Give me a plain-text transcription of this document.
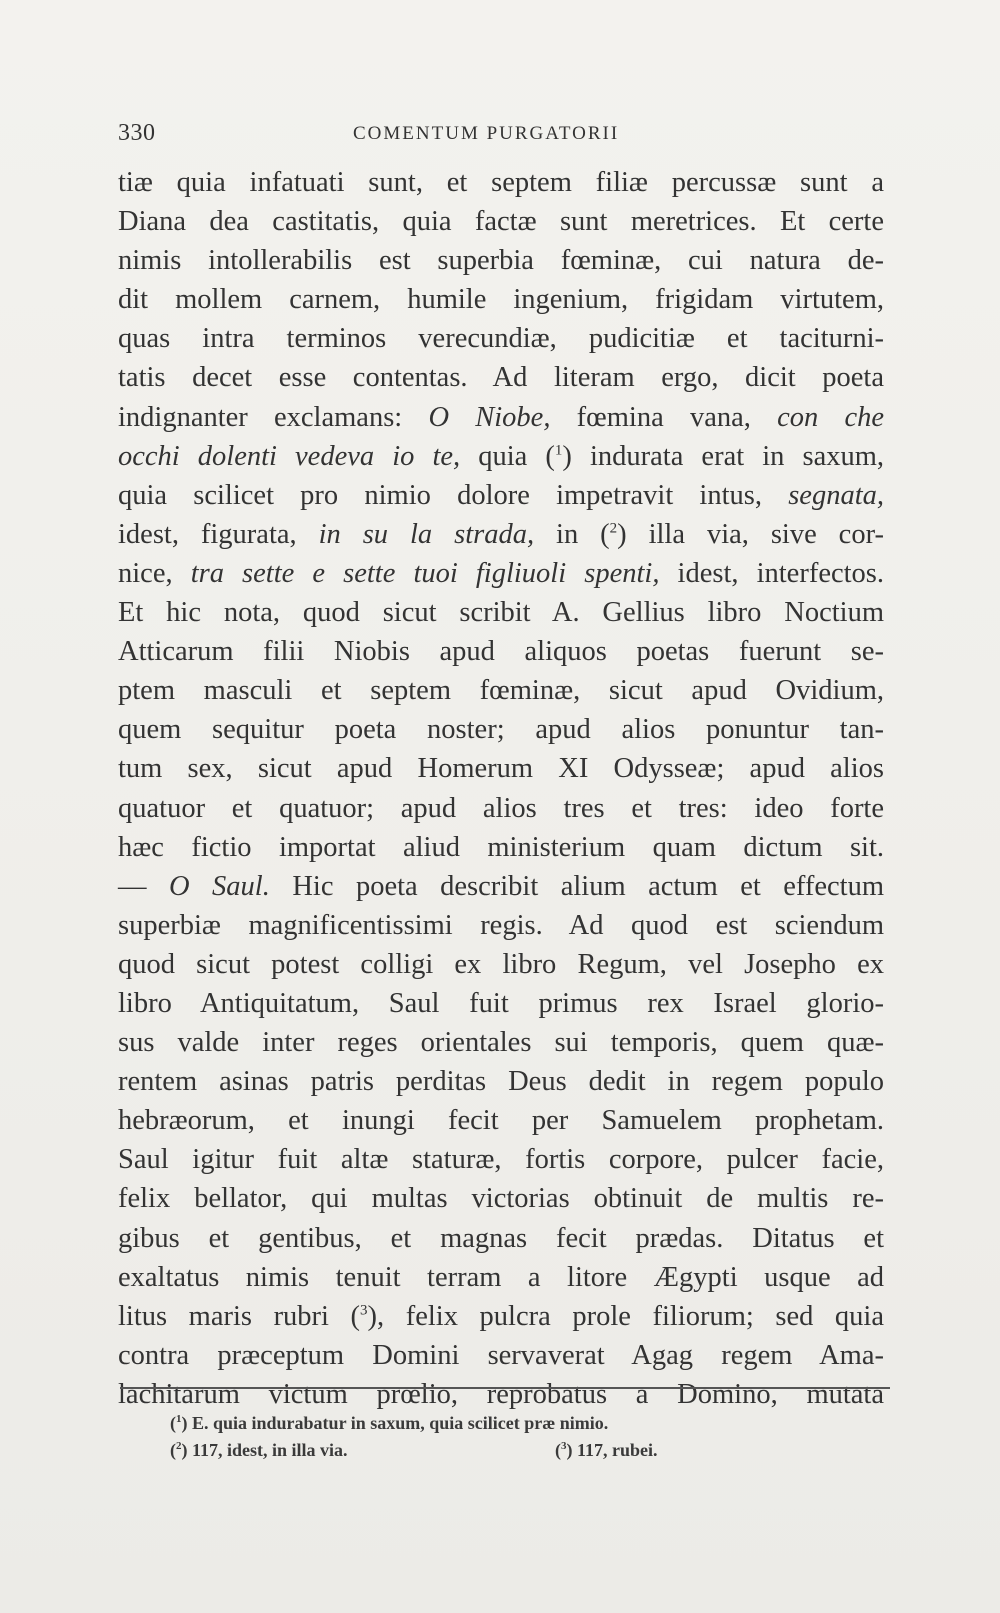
330	COMENTUM PURGATORII
tiæ quia infatuati sunt, et septem filiæ percussæ sunt a
Diana dea castitatis, quia factæ sunt meretrices. Et certe
nimis intollerabilis est superbia fœminæ, cui natura de-
dit mollem carnem, humile ingenium, frigidam virtutem,
quas intra terminos verecundiæ, pudicitiæ et taciturni-
tatis decet esse contentas. Ad literam ergo, dicit poeta
indignanter exclamans: O Niobe, fœmina vana, con che
occhi dolenti vedeva io te, quia ($^1$) indurata erat in saxum,
quia scilicet pro nimio dolore impetravit intus, segnata,
idest, figurata, in su la strada, in ($^2$) illa via, sive cor-
nice, tra sette e sette tuoi figliuoli spenti, idest, interfectos.
Et hic nota, quod sicut scribit A. Gellius libro Noctium
Atticarum filii Niobis apud aliquos poetas fuerunt se-
ptem masculi et septem fœminæ, sicut apud Ovidium,
quem sequitur poeta noster; apud alios ponuntur tan-
tum sex, sicut apud Homerum XI Odysseæ; apud alios
quatuor et quatuor; apud alios tres et tres: ideo forte
hæc fictio importat aliud ministerium quam dictum sit.
— O Saul. Hic poeta describit alium actum et effectum
superbiæ magnificentissimi regis. Ad quod est sciendum
quod sicut potest colligi ex libro Regum, vel Josepho ex
libro Antiquitatum, Saul fuit primus rex Israel glorio-
sus valde inter reges orientales sui temporis, quem quæ-
rentem asinas patris perditas Deus dedit in regem populo
hebræorum, et inungi fecit per Samuelem prophetam.
Saul igitur fuit altæ staturæ, fortis corpore, pulcer facie,
felix bellator, qui multas victorias obtinuit de multis re-
gibus et gentibus, et magnas fecit prædas. Ditatus et
exaltatus nimis tenuit terram a litore Ægypti usque ad
litus maris rubri ($^3$), felix pulcra prole filiorum; sed quia
contra præceptum Domini servaverat Agag regem Ama-
lachitarum victum prœlio, reprobatus a Domino, mutata
($^1$) E. quia indurabatur in saxum, quia scilicet præ nimio.
($^2$) 117, idest, in illa via.	($^3$) 117, rubei.
